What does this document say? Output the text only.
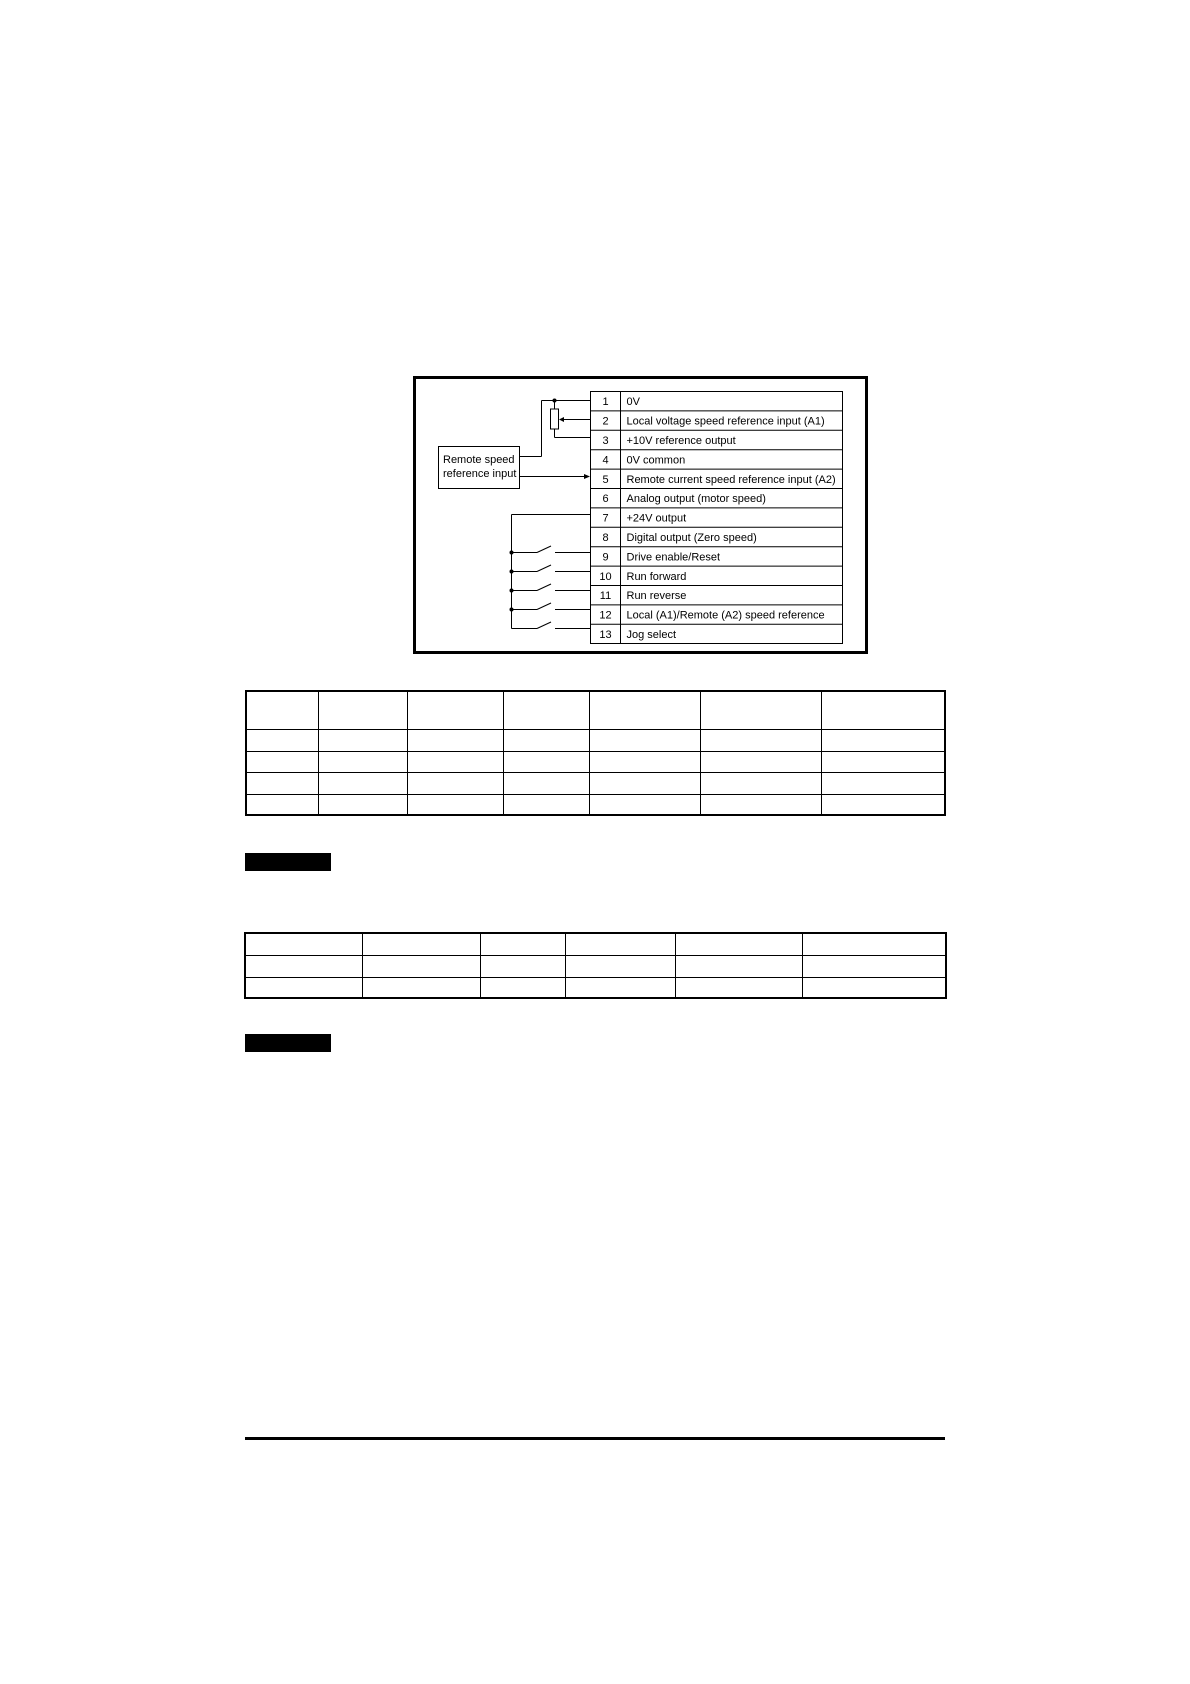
1 0V
2 Local voltage speed reference input (A1)
3 +10V reference output
4 0V common
5 Remote current speed reference input (A2)
6 Analog output (motor speed)
7 +24V output
8 Digital output (Zero speed)
9 Drive enable/Reset
10 Run forward
11 Run reverse
12 Local (A1)/Remote (A2) speed reference
13 Jog select
Remote speed
reference input
